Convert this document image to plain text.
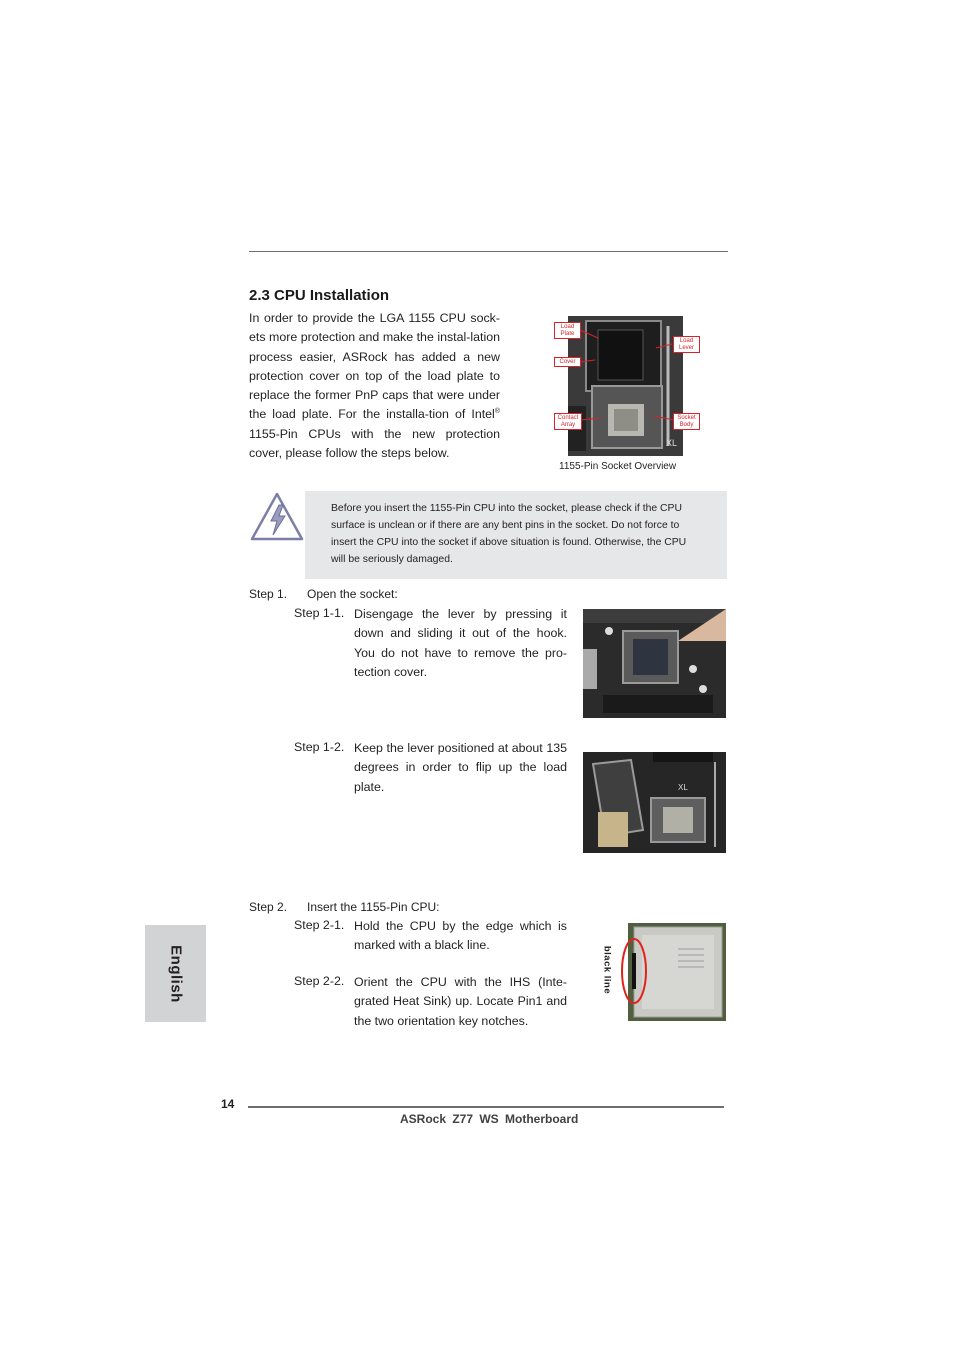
2.3 CPU Installation
In order to provide the LGA 1155 CPU sock-ets more protection and make the instal-lation process easier, ASRock has added a new protection cover on top of the load plate to replace the former PnP caps that were under the load plate. For the installa-tion of Intel® 1155-Pin CPUs with the new protection cover, please follow the steps below.
XL
Load Plate
Cover
Contact Array
Load Lever
Socket Body
1155-Pin Socket Overview
Before you insert the 1155-Pin CPU into the socket, please check if the CPU surface is unclean or if there are any bent pins in the socket. Do not force to insert the CPU into the socket if above situation is found. Otherwise, the CPU will be seriously damaged.
Step 1. Open the socket:
Step 1-1. Disengage the lever by pressing it down and sliding it out of the hook. You do not have to remove the pro-tection cover.
Step 1-2. Keep the lever positioned at about 135 degrees in order to flip up the load plate.	XL
Step 2. Insert the 1155-Pin CPU:
Step 2-1. Hold the CPU by the edge which is marked with a black line.
Step 2-2. Orient the CPU with the IHS (Inte-grated Heat Sink) up. Locate Pin1 and the two orientation key notches.
black line
English
14
ASRock Z77 WS Motherboard
